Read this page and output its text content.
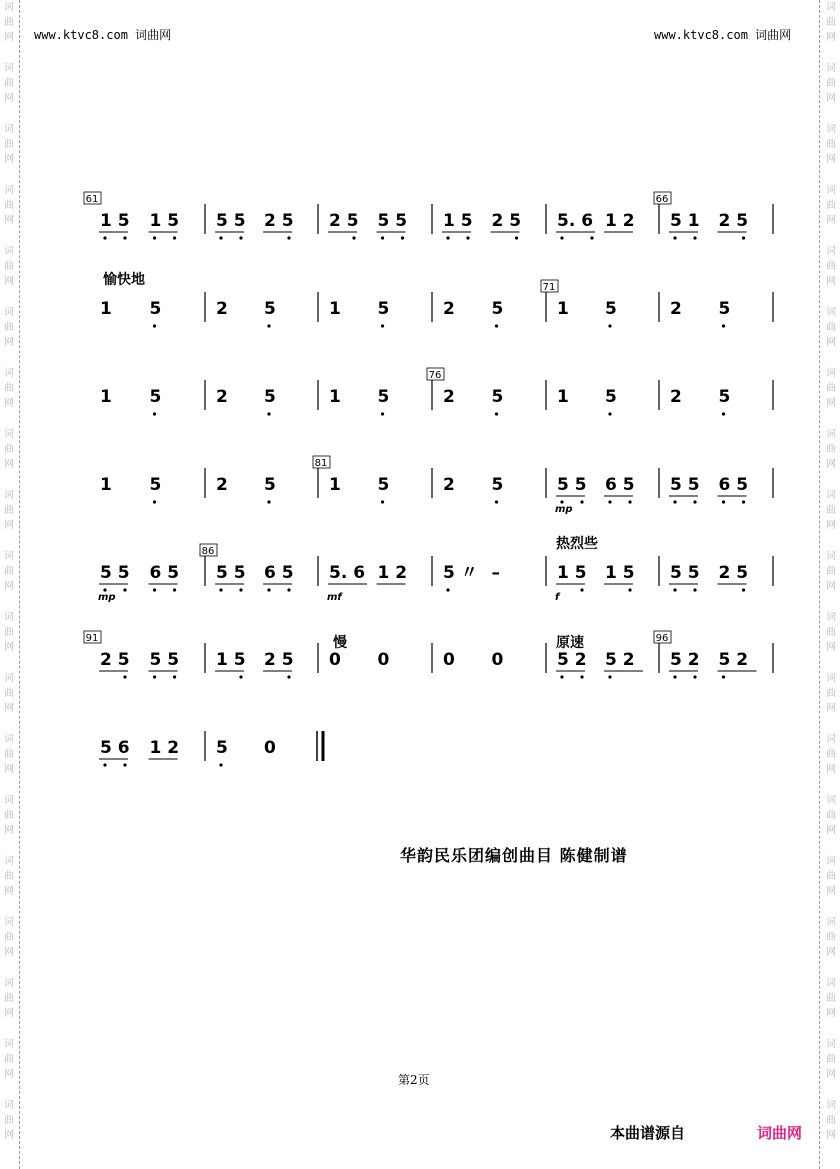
词
曲
网
词
曲
网
词
曲
网
词
曲
网
词
曲
网
词
曲
网
词
曲
网
词
曲
网
词
曲
网
词
曲
网
词
曲
网
词
曲
网
词
曲
网
词
曲
网
词
曲
网
词
曲
网
词
曲
网
词
曲
网
词
曲
网
词
曲
网
词
曲
网
词
曲
网
词
曲
网
词
曲
网
词
曲
网
词
曲
网
词
曲
网
词
曲
网
词
曲
网
词
曲
网
词
曲
网
词
曲
网
词
曲
网
词
曲
网
词
曲
网
词
曲
网
词
曲
网
词
曲
网
www.ktvc8.com 词曲网	www.ktvc8.com 词曲网
61
1 5 1 5 5 5 2 5 2 5 5 5 1 5 2 5 5. 6 1 2
66
5 1 2 5
1 5	2 5	1 5	2 5
71
1 5	2 5
愉快地
1 5	2 5	1 5
76
2 5	1 5	2 5
1 5	2 5
81
1 5	2 5
mp
5 5 6 5 5 5 6 5
mp
5 5 6 5
86
5 5 6 5
mf
5. 6 1 2 5 〃 –
f
1 5 1 5 5 5 2 5
热烈些
91
2 5 5 5 1 5 2 5 0 0	0 0	5 2 5 2
96
5 2 5 2
慢	原速
5 6 1 2 5 0
华韵民乐团编创曲目 陈健制谱
第2页
本曲谱源自	词曲网
